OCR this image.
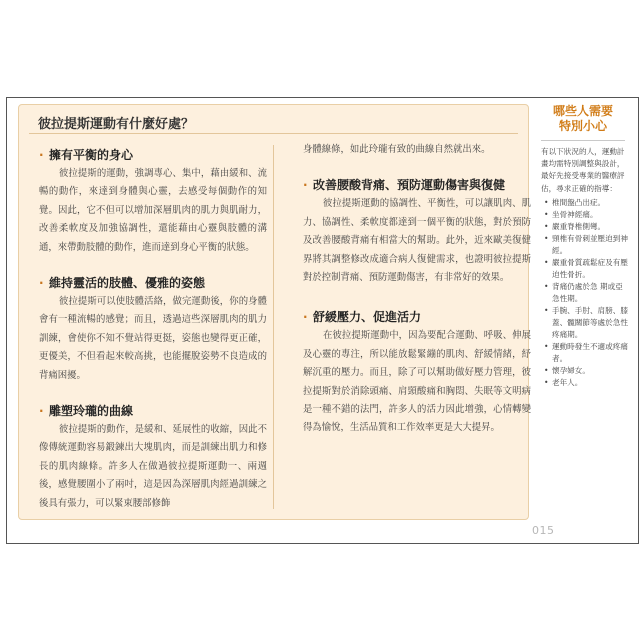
彼拉提斯運動有什麼好處？
· 擁有平衡的身心

彼拉提斯的運動，強調專心、集中，藉由緩和、流暢的動作，來達到身體與心靈，去感受每個動作的知覺。因此，它不但可以增加深層肌肉的肌力與肌耐力，改善柔軟度及加強協調性，還能藉由心靈與肢體的溝通，來帶動肢體的動作，進而達到身心平衡的狀態。

· 維持靈活的肢體、優雅的姿態

彼拉提斯可以使肢體活絡，做完運動後，你的身體會有一種流暢的感覺；而且，透過這些深層肌肉的肌力訓練，會使你不知不覺站得更挺，姿態也變得更正確，更優美，不但看起來較高挑，也能擺脫姿勢不良造成的背痛困擾。

· 雕塑玲瓏的曲線

彼拉提斯的動作，是緩和、延展性的收縮，因此不像傳統運動容易鍛鍊出大塊肌肉，而是訓練出肌力和修長的肌肉線條。許多人在做過彼拉提斯運動一、兩週後，感覺腰圍小了兩吋，這是因為深層肌肉經過訓練之後具有張力，可以緊束腰部修飾

身體線條，如此玲瓏有致的曲線自然就出來。

· 改善腰酸背痛、預防運動傷害與復健

彼拉提斯運動的協調性、平衡性，可以讓肌肉、肌力、協調性、柔軟度都達到一個平衡的狀態，對於預防及改善腰酸背痛有相當大的幫助。此外，近來歐美復健界將其調整修改成適合病人復健需求，也證明彼拉提斯對於控制背痛、預防運動傷害，有非常好的效果。

· 舒緩壓力、促進活力

在彼拉提斯運動中，因為要配合運動、呼吸、伸展及心靈的專注，所以能放鬆緊繃的肌肉、舒緩情緒，紓解沉重的壓力。而且，除了可以幫助做好壓力管理，彼拉提斯對於消除頭痛、肩頸酸痛和胸悶、失眠等文明病是一種不錯的法門，許多人的活力因此增強，心情轉變得為愉悅，生活品質和工作效率更是大大提昇。

哪些人需要
特別小心
有以下狀況的人，運動計畫均需特別調整與設計，最好先接受專業的醫療評估，尋求正確的指導：
• 椎間盤凸出症。
• 坐骨神經痛。
• 嚴重脊椎側彎。
• 頸椎有骨刺並壓迫到神經。
• 嚴重骨質疏鬆症及有壓迫性骨折。
• 背痛仍處於急 期或亞急性期。
• 手腕、手肘、肩膀、膝蓋、髖關節等處於急性疼痛期。
• 運動時發生不適或疼痛者。
• 懷孕婦女。
• 老年人。
015
